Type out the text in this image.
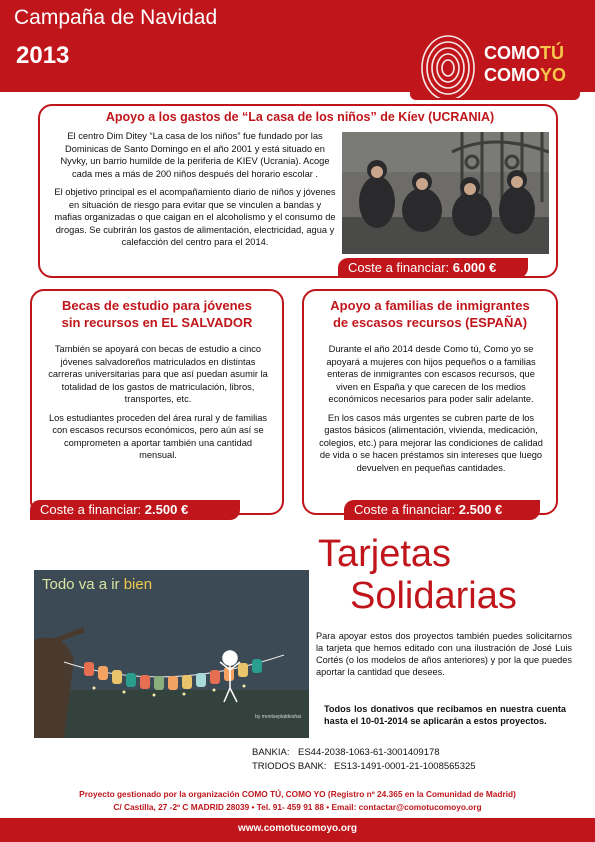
Campaña de Navidad
2013	COMOTÚ
COMOYO
Apoyo a los gastos de “La casa de los niños” de Kíev (UCRANIA)

El centro Dim Ditey “La casa de los niños” fue fundado por las Dominicas de Santo Domingo en el año 2001 y está situado en Nyvky, un barrio humilde de la periferia de KIEV (Ucrania). Acoge cada mes a más de 200 niños después del horario escolar .

El objetivo principal es el acompañamiento diario de niños y jóvenes en situación de riesgo para evitar que se vinculen a bandas y mafias organizadas o que caigan en el alcoholismo y el consumo de drogas. Se cubrirán los gastos de alimentación, electricidad, agua y calefacción del centro para el 2014.

Coste a financiar: 6.000 €
Becas de estudio para jóvenes
sin recursos en EL SALVADOR

También se apoyará con becas de estudio a cinco jóvenes salvadoreños matriculados en distintas carreras universitarias para que así puedan asumir la totalidad de los gastos de matriculación, libros, transportes, etc.

Los estudiantes proceden del área rural y de familias con escasos recursos económicos, pero aún así se comprometen a aportar también una cantidad mensual.

Coste a financiar: 2.500 €
Apoyo a familias de inmigrantes
de escasos recursos (ESPAÑA)

Durante el año 2014 desde Como tú, Como yo se apoyará a mujeres con hijos pequeños o a familias enteras de inmigrantes con escasos recursos, que viven en España y que carecen de los medios económicos necesarios para poder salir adelante.

En los casos más urgentes se cubren parte de los gastos básicos (alimentación, vivienda, medicación, colegios, etc.) para mejorar las condiciones de calidad de vida o se hacen préstamos sin intereses que luego devuelven en pequeñas cantidades.

Coste a financiar: 2.500 €
Todo va a ir bien
by montseplatdeshai
Tarjetas
Solidarias
Para apoyar estos dos proyectos también puedes solicitarnos la tarjeta que hemos editado con una ilustración de José Luis Cortés (o los modelos de años anteriores) y por la que puedes aportar la cantidad que desees.
Todos los donativos que recibamos en nuestra cuenta hasta el 10-01-2014 se aplicarán a estos proyectos.
BANKIA: ES44-2038-1063-61-3001409178
TRIODOS BANK: ES13-1491-0001-21-1008565325
Proyecto gestionado por la organización COMO TÚ, COMO YO (Registro nº 24.365 en la Comunidad de Madrid)
C/ Castilla, 27 -2º C MADRID 28039 • Tel. 91- 459 91 88 • Email: contactar@comotucomoyo.org
www.comotucomoyo.org
